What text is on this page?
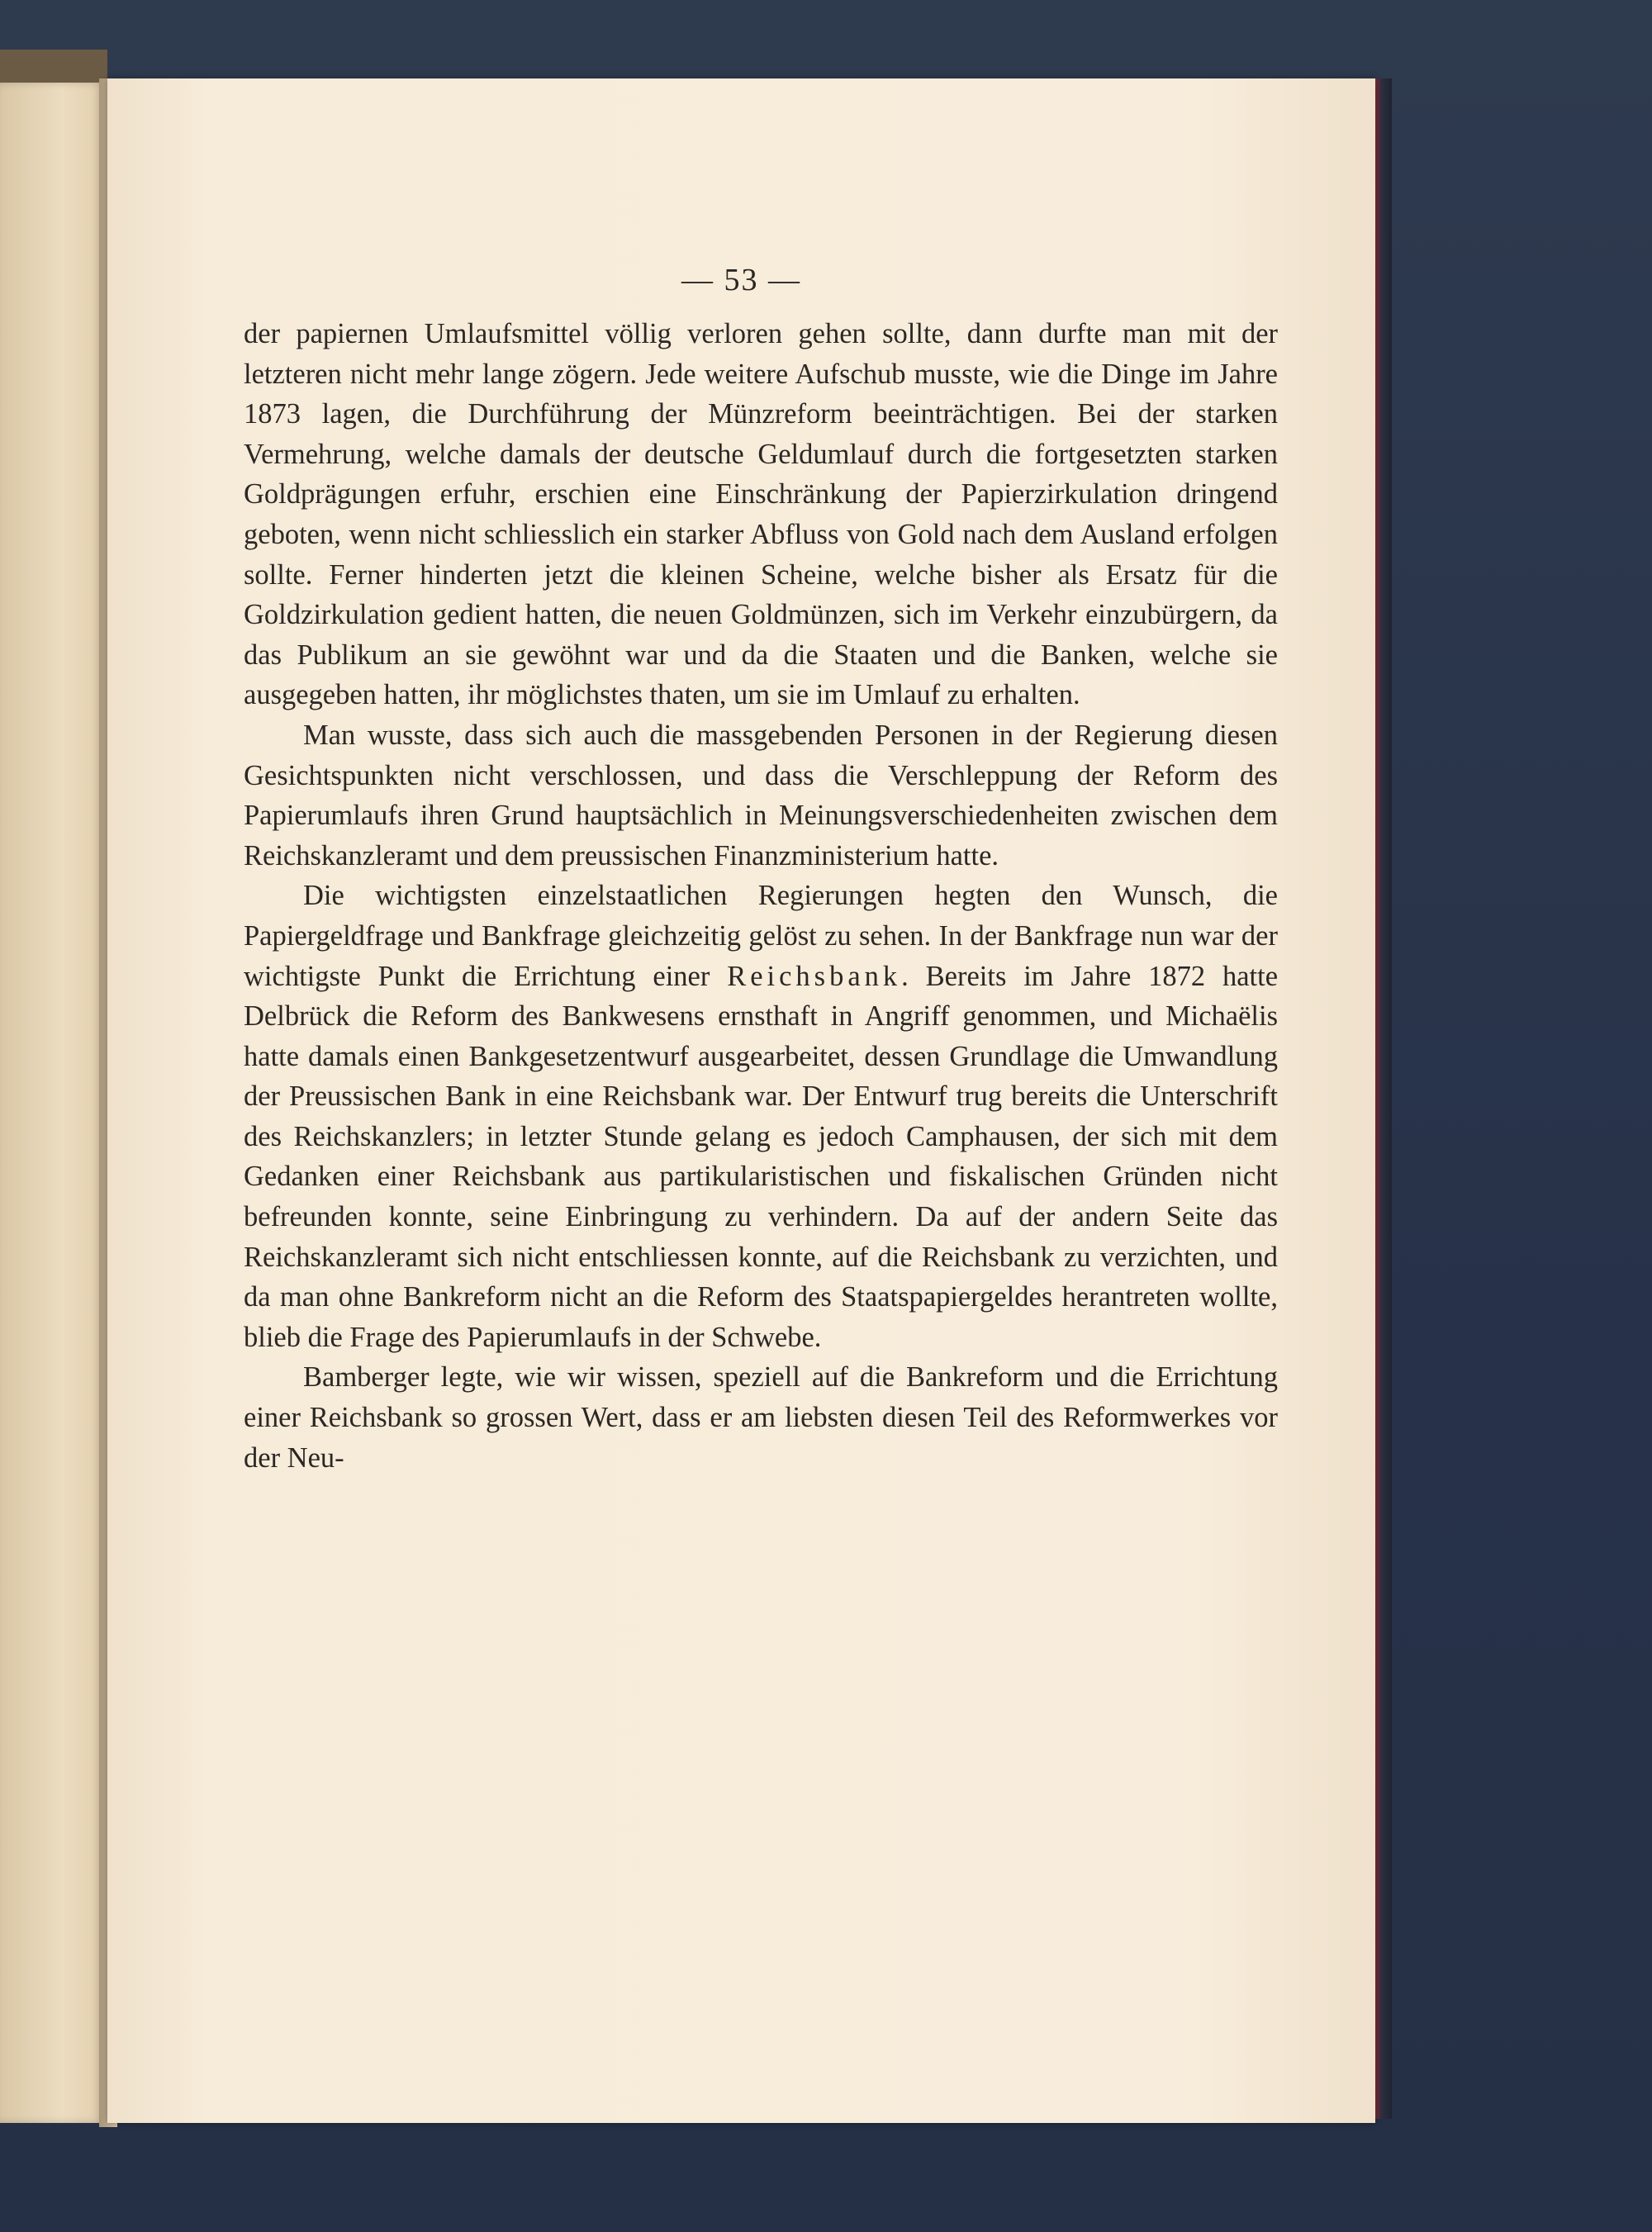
— 53 —

der papiernen Umlaufsmittel völlig verloren gehen sollte, dann durfte man mit der letzteren nicht mehr lange zögern. Jede weitere Aufschub musste, wie die Dinge im Jahre 1873 lagen, die Durchführung der Münzreform beeinträchtigen. Bei der starken Vermehrung, welche damals der deutsche Geldumlauf durch die fortgesetzten starken Goldprägungen erfuhr, erschien eine Einschränkung der Papierzirkulation dringend geboten, wenn nicht schliesslich ein starker Abfluss von Gold nach dem Ausland erfolgen sollte. Ferner hinderten jetzt die kleinen Scheine, welche bisher als Ersatz für die Goldzirkulation gedient hatten, die neuen Goldmünzen, sich im Verkehr einzubürgern, da das Publikum an sie gewöhnt war und da die Staaten und die Banken, welche sie ausgegeben hatten, ihr möglichstes thaten, um sie im Umlauf zu erhalten.

Man wusste, dass sich auch die massgebenden Personen in der Regierung diesen Gesichtspunkten nicht verschlossen, und dass die Verschleppung der Reform des Papierumlaufs ihren Grund hauptsächlich in Meinungsverschiedenheiten zwischen dem Reichskanzleramt und dem preussischen Finanzministerium hatte.

Die wichtigsten einzelstaatlichen Regierungen hegten den Wunsch, die Papiergeldfrage und Bankfrage gleichzeitig gelöst zu sehen. In der Bankfrage nun war der wichtigste Punkt die Errichtung einer Reichsbank. Bereits im Jahre 1872 hatte Delbrück die Reform des Bankwesens ernsthaft in Angriff genommen, und Michaëlis hatte damals einen Bankgesetzentwurf ausgearbeitet, dessen Grundlage die Umwandlung der Preussischen Bank in eine Reichsbank war. Der Entwurf trug bereits die Unterschrift des Reichskanzlers; in letzter Stunde gelang es jedoch Camphausen, der sich mit dem Gedanken einer Reichsbank aus partikularistischen und fiskalischen Gründen nicht befreunden konnte, seine Einbringung zu verhindern. Da auf der andern Seite das Reichskanzleramt sich nicht entschliessen konnte, auf die Reichsbank zu verzichten, und da man ohne Bankreform nicht an die Reform des Staatspapiergeldes herantreten wollte, blieb die Frage des Papierumlaufs in der Schwebe.

Bamberger legte, wie wir wissen, speziell auf die Bankreform und die Errichtung einer Reichsbank so grossen Wert, dass er am liebsten diesen Teil des Reformwerkes vor der Neu-
